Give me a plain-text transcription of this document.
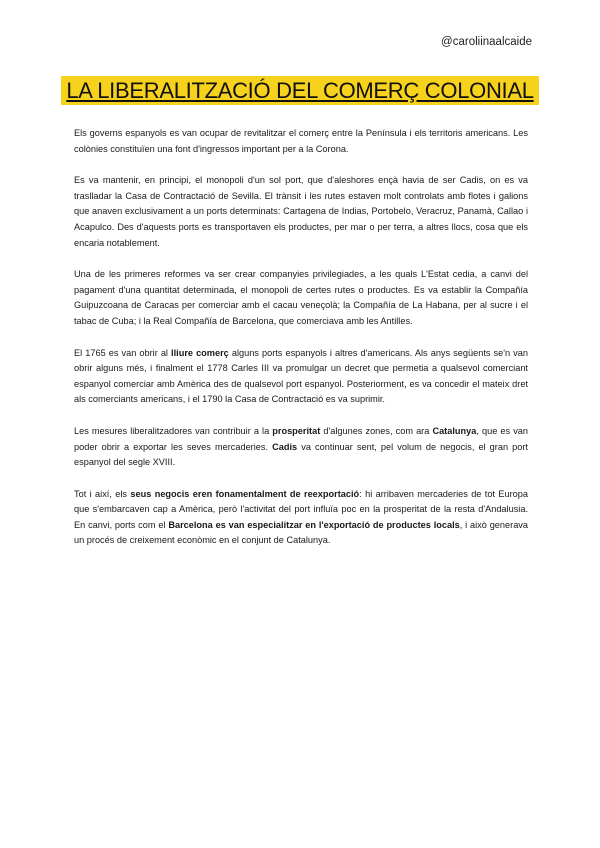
@caroliinaalcaide
LA LIBERALITZACIÓ DEL COMERÇ COLONIAL

Els governs espanyols es van ocupar de revitalitzar el comerç entre la Península i els territoris americans. Les colònies constituïen una font d'ingressos important per a la Corona.

Es va mantenir, en principi, el monopoli d'un sol port, que d'aleshores ençà havia de ser Cadis, on es va traslladar la Casa de Contractació de Sevilla. El trànsit i les rutes estaven molt controlats amb flotes i galions que anaven exclusivament a un ports determinats: Cartagena de Indias, Portobelo, Veracruz, Panamà, Callao i Acapulco. Des d'aquests ports es transportaven els productes, per mar o per terra, a altres llocs, cosa que els encaria notablement.

Una de les primeres reformes va ser crear companyies privilegiades, a les quals L'Estat cedia, a canvi del pagament d'una quantitat determinada, el monopoli de certes rutes o productes. Es va establir la Compañía Guipuzcoana de Caracas per comerciar amb el cacau veneçolà; la Compañía de La Habana, per al sucre i el tabac de Cuba; i la Real Compañía de Barcelona, que comerciava amb les Antilles.

El 1765 es van obrir al lliure comerç alguns ports espanyols i altres d'americans. Als anys següents se'n van obrir alguns més, i finalment el 1778 Carles III va promulgar un decret que permetia a qualsevol comerciant espanyol comerciar amb Amèrica des de qualsevol port espanyol. Posteriorment, es va concedir el mateix dret als comerciants americans, i el 1790 la Casa de Contractació es va suprimir.

Les mesures liberalitzadores van contribuir a la prosperitat d'algunes zones, com ara Catalunya, que es van poder obrir a exportar les seves mercaderies. Cadis va continuar sent, pel volum de negocis, el gran port espanyol del segle XVIII.

Tot i així, els seus negocis eren fonamentalment de reexportació: hi arribaven mercaderies de tot Europa que s'embarcaven cap a Amèrica, però l'activitat del port influïa poc en la prosperitat de la resta d'Andalusia. En canvi, ports com el Barcelona es van especialitzar en l'exportació de productes locals, i això generava un procés de creixement econòmic en el conjunt de Catalunya.
